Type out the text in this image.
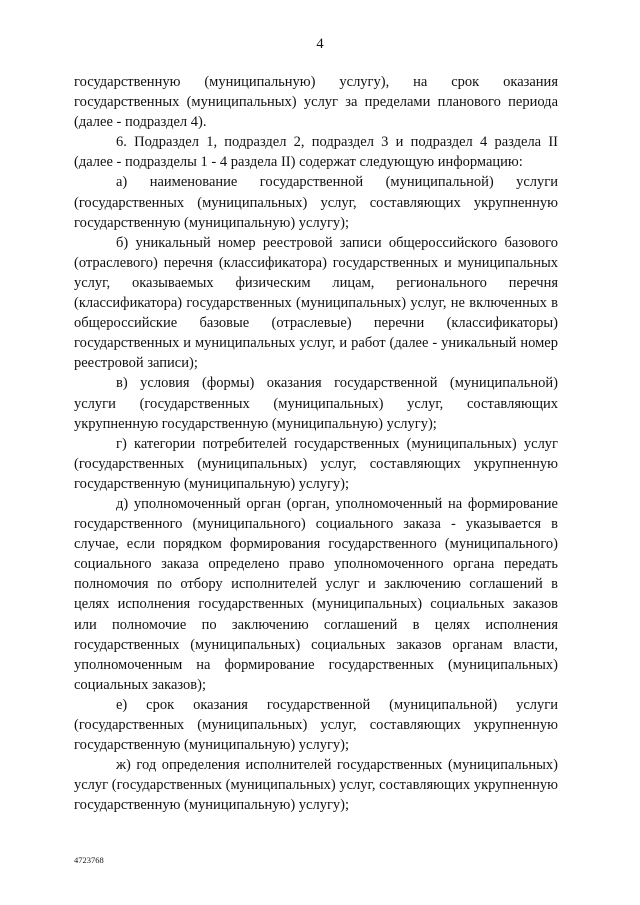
4

государственную (муниципальную) услугу), на срок оказания государственных (муниципальных) услуг за пределами планового периода (далее - подраздел 4).

6. Подраздел 1, подраздел 2, подраздел 3 и подраздел 4 раздела II (далее - подразделы 1 - 4 раздела II) содержат следующую информацию:

а) наименование государственной (муниципальной) услуги (государственных (муниципальных) услуг, составляющих укрупненную государственную (муниципальную) услугу);

б) уникальный номер реестровой записи общероссийского базового (отраслевого) перечня (классификатора) государственных и муниципальных услуг, оказываемых физическим лицам, регионального перечня (классификатора) государственных (муниципальных) услуг, не включенных в общероссийские базовые (отраслевые) перечни (классификаторы) государственных и муниципальных услуг, и работ (далее - уникальный номер реестровой записи);

в) условия (формы) оказания государственной (муниципальной) услуги (государственных (муниципальных) услуг, составляющих укрупненную государственную (муниципальную) услугу);

г) категории потребителей государственных (муниципальных) услуг (государственных (муниципальных) услуг, составляющих укрупненную государственную (муниципальную) услугу);

д) уполномоченный орган (орган, уполномоченный на формирование государственного (муниципального) социального заказа - указывается в случае, если порядком формирования государственного (муниципального) социального заказа определено право уполномоченного органа передать полномочия по отбору исполнителей услуг и заключению соглашений в целях исполнения государственных (муниципальных) социальных заказов или полномочие по заключению соглашений в целях исполнения государственных (муниципальных) социальных заказов органам власти, уполномоченным на формирование государственных (муниципальных) социальных заказов);

е) срок оказания государственной (муниципальной) услуги (государственных (муниципальных) услуг, составляющих укрупненную государственную (муниципальную) услугу);

ж) год определения исполнителей государственных (муниципальных) услуг (государственных (муниципальных) услуг, составляющих укрупненную государственную (муниципальную) услугу);

4723768
